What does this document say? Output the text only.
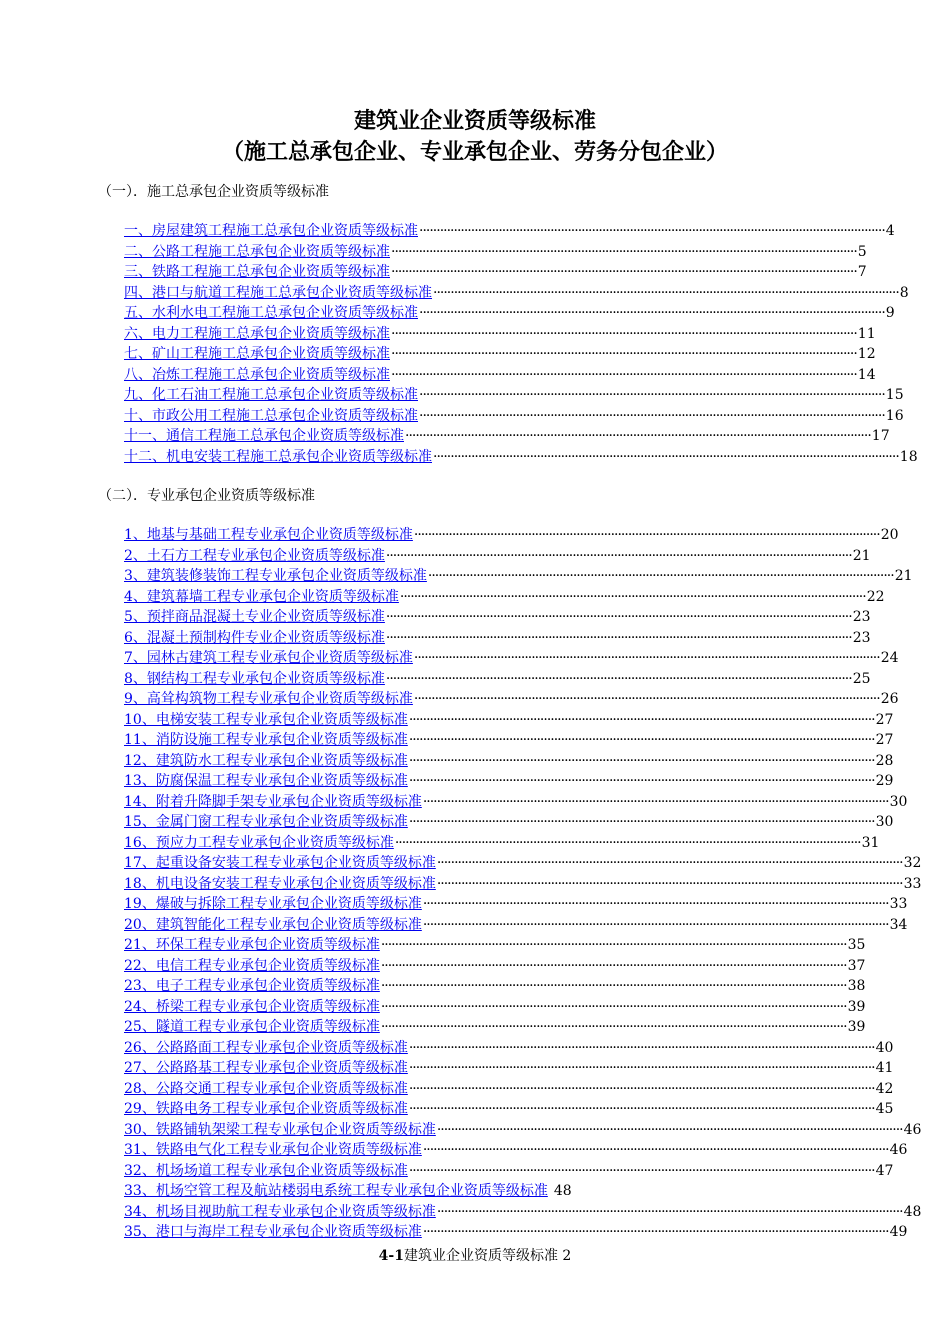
建筑业企业资质等级标准
（施工总承包企业、专业承包企业、劳务分包企业）
（一）．施工总承包企业资质等级标准
一、房屋建筑工程施工总承包企业资质等级标准 ······································································································································· 4
二、公路工程施工总承包企业资质等级标准 ······································································································································· 5
三、铁路工程施工总承包企业资质等级标准 ······································································································································· 7
四、港口与航道工程施工总承包企业资质等级标准 ······································································································································· 8
五、水利水电工程施工总承包企业资质等级标准 ······································································································································· 9
六、电力工程施工总承包企业资质等级标准 ······································································································································· 11
七、矿山工程施工总承包企业资质等级标准 ······································································································································· 12
八、冶炼工程施工总承包企业资质等级标准 ······································································································································· 14
九、化工石油工程施工总承包企业资质等级标准 ······································································································································· 15
十、市政公用工程施工总承包企业资质等级标准 ······································································································································· 16
十一、通信工程施工总承包企业资质等级标准 ······································································································································· 17
十二、机电安装工程施工总承包企业资质等级标准 ······································································································································· 18
（二）．专业承包企业资质等级标准
1、地基与基础工程专业承包企业资质等级标准 ······································································································································· 20
2、土石方工程专业承包企业资质等级标准 ······································································································································· 21
3、建筑装修装饰工程专业承包企业资质等级标准 ······································································································································· 21
4、建筑幕墙工程专业承包企业资质等级标准 ······································································································································· 22
5、预拌商品混凝土专业企业资质等级标准 ······································································································································· 23
6、混凝土预制构件专业企业资质等级标准 ······································································································································· 23
7、园林古建筑工程专业承包企业资质等级标准 ······································································································································· 24
8、钢结构工程专业承包企业资质等级标准 ······································································································································· 25
9、高耸构筑物工程专业承包企业资质等级标准 ······································································································································· 26
10、电梯安装工程专业承包企业资质等级标准 ······································································································································· 27
11、消防设施工程专业承包企业资质等级标准 ······································································································································· 27
12、建筑防水工程专业承包企业资质等级标准 ······································································································································· 28
13、防腐保温工程专业承包企业资质等级标准 ······································································································································· 29
14、附着升降脚手架专业承包企业资质等级标准 ······································································································································· 30
15、金属门窗工程专业承包企业资质等级标准 ······································································································································· 30
16、预应力工程专业承包企业资质等级标准 ······································································································································· 31
17、起重设备安装工程专业承包企业资质等级标准 ······································································································································· 32
18、机电设备安装工程专业承包企业资质等级标准 ······································································································································· 33
19、爆破与拆除工程专业承包企业资质等级标准 ······································································································································· 33
20、建筑智能化工程专业承包企业资质等级标准 ······································································································································· 34
21、环保工程专业承包企业资质等级标准 ······································································································································· 35
22、电信工程专业承包企业资质等级标准 ······································································································································· 37
23、电子工程专业承包企业资质等级标准 ······································································································································· 38
24、桥梁工程专业承包企业资质等级标准 ······································································································································· 39
25、隧道工程专业承包企业资质等级标准 ······································································································································· 39
26、公路路面工程专业承包企业资质等级标准 ······································································································································· 40
27、公路路基工程专业承包企业资质等级标准 ······································································································································· 41
28、公路交通工程专业承包企业资质等级标准 ······································································································································· 42
29、铁路电务工程专业承包企业资质等级标准 ······································································································································· 45
30、铁路铺轨架梁工程专业承包企业资质等级标准 ······································································································································· 46
31、铁路电气化工程专业承包企业资质等级标准 ······································································································································· 46
32、机场场道工程专业承包企业资质等级标准 ······································································································································· 47
33、机场空管工程及航站楼弱电系统工程专业承包企业资质等级标准 48
34、机场目视助航工程专业承包企业资质等级标准 ······································································································································· 48
35、港口与海岸工程专业承包企业资质等级标准 ······································································································································· 49
4-1建筑业企业资质等级标准 2
